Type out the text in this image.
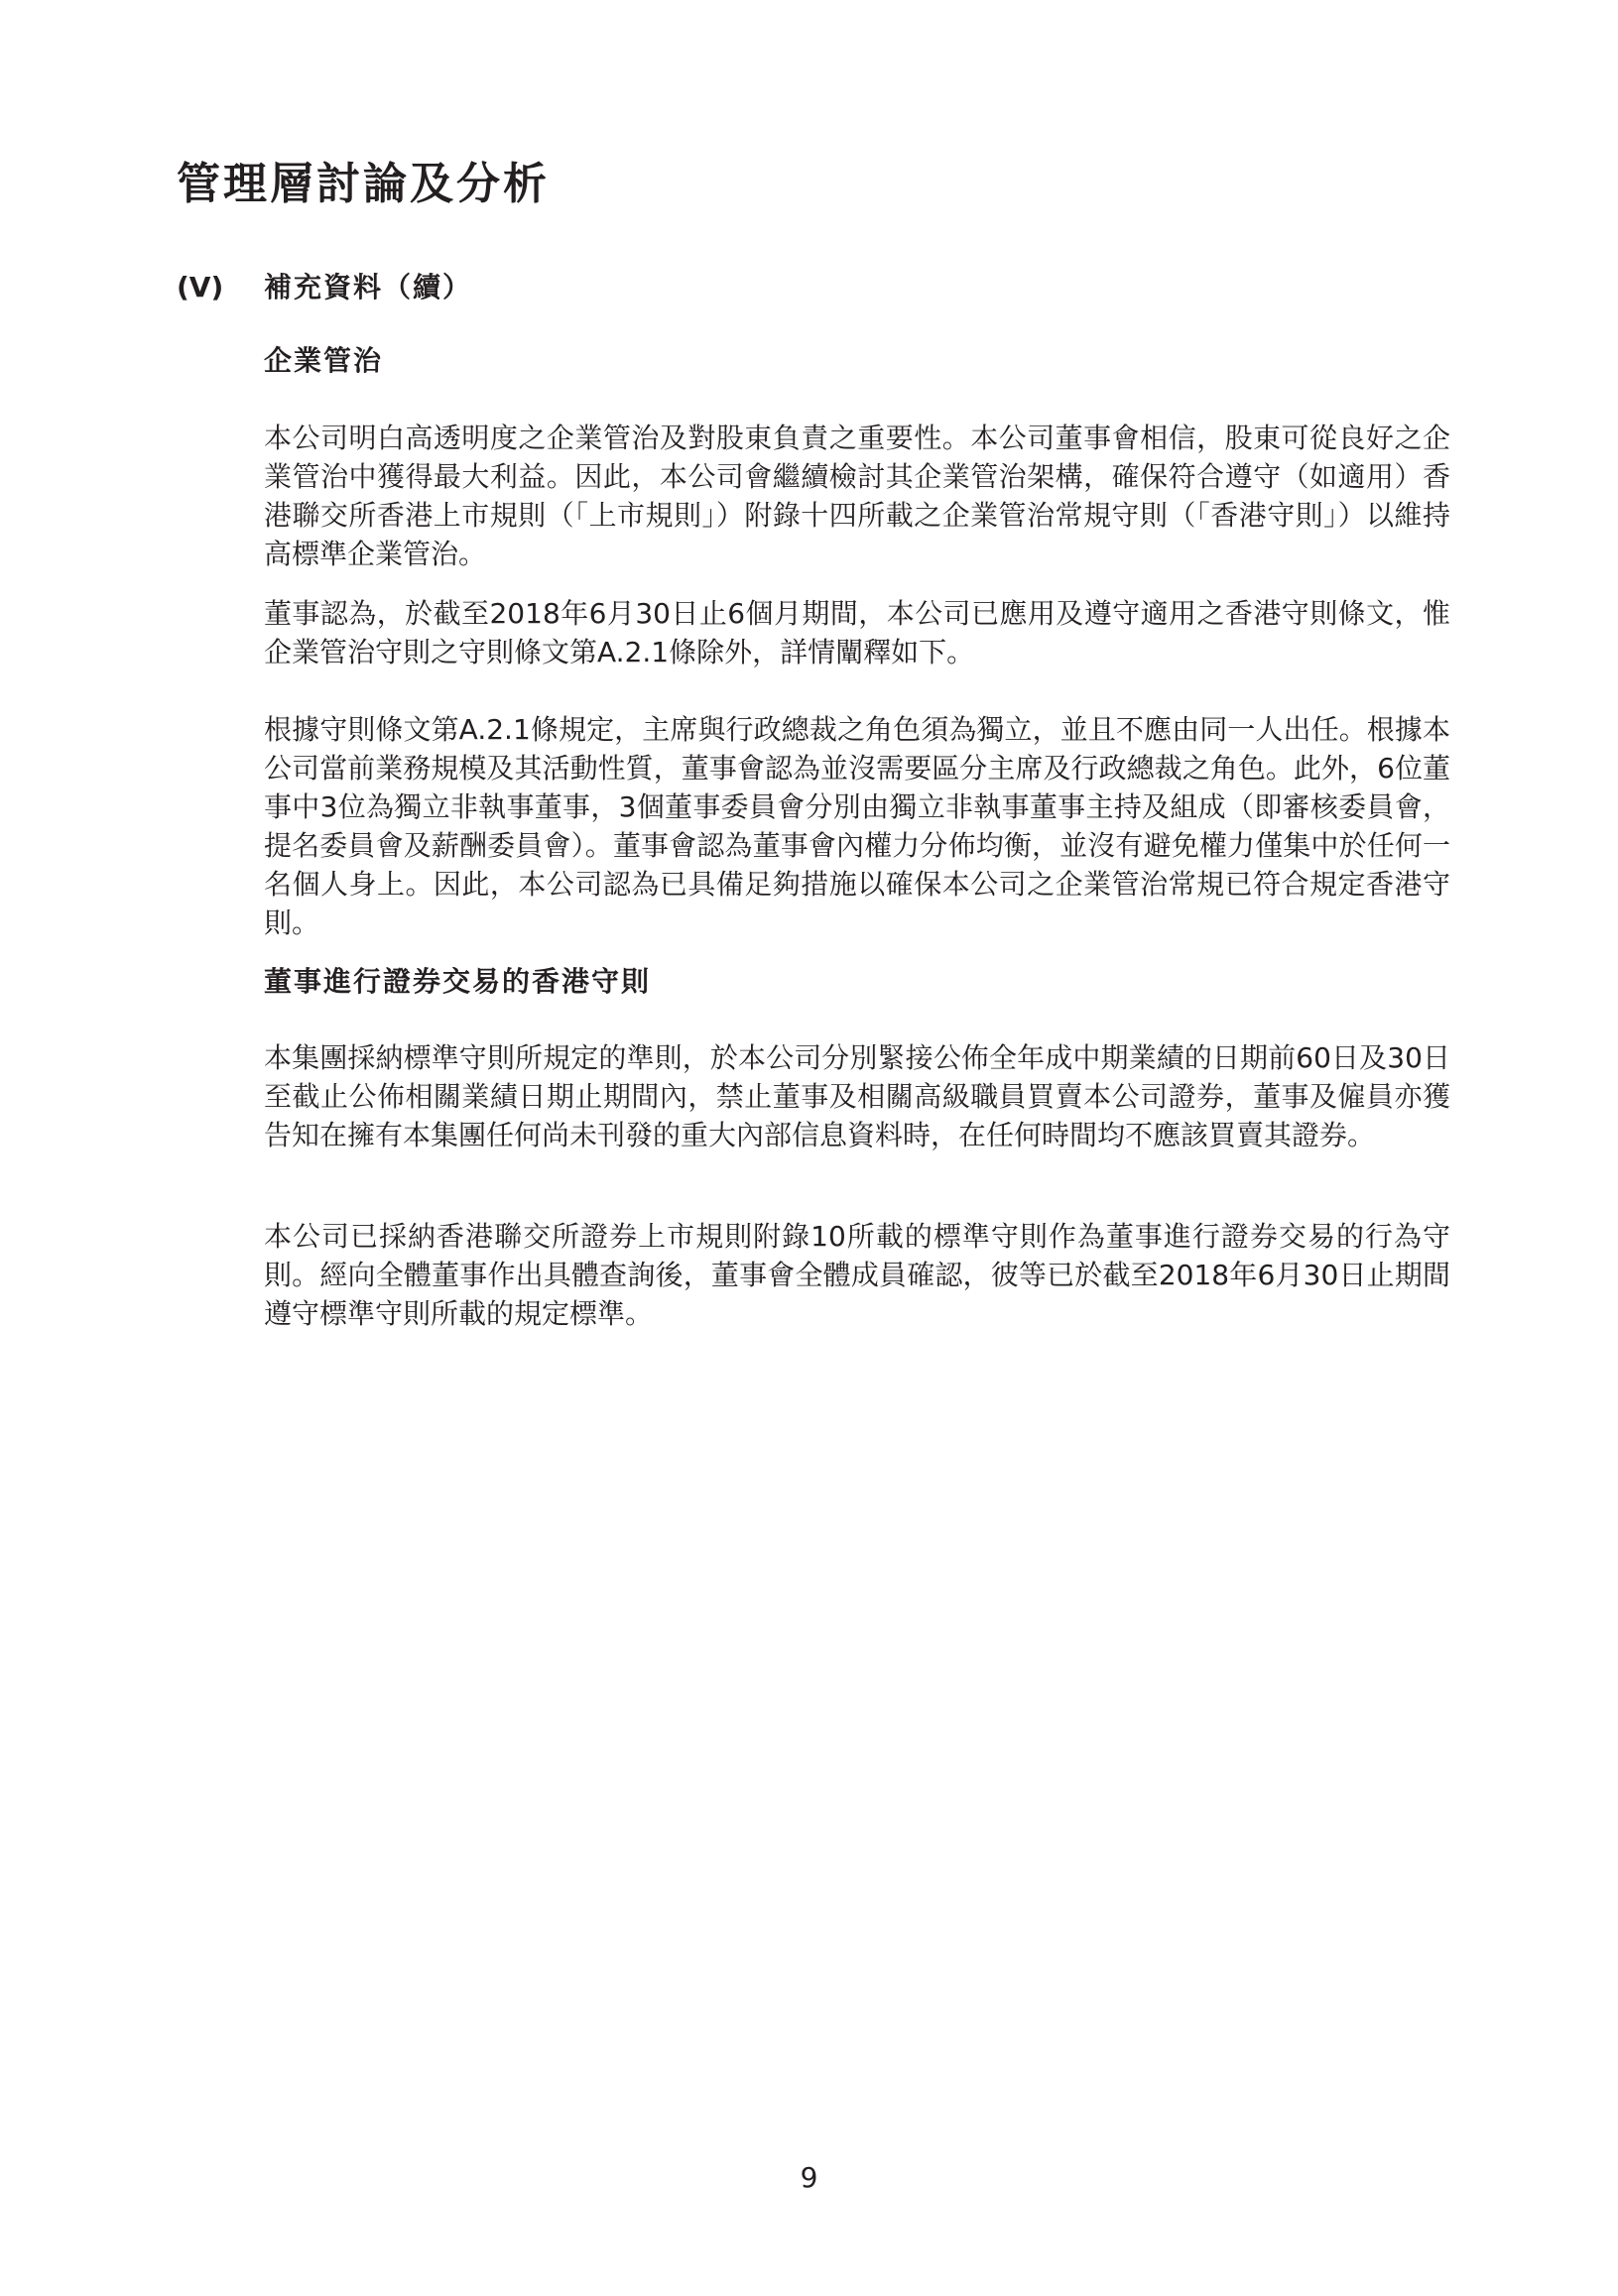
管理層討論及分析
(V)	補充資料（續）
企業管治

本公司明白高透明度之企業管治及對股東負責之重要性。本公司董事會相信，股東可從良好之企業管治中獲得最大利益。因此，本公司會繼續檢討其企業管治架構，確保符合遵守（如適用）香港聯交所香港上市規則（「上市規則」）附錄十四所載之企業管治常規守則（「香港守則」）以維持高標準企業管治。

董事認為，於截至2018年6月30日止6個月期間，本公司已應用及遵守適用之香港守則條文，惟企業管治守則之守則條文第A.2.1條除外，詳情闡釋如下。

根據守則條文第A.2.1條規定，主席與行政總裁之角色須為獨立，並且不應由同一人出任。根據本公司當前業務規模及其活動性質，董事會認為並沒需要區分主席及行政總裁之角色。此外，6位董事中3位為獨立非執事董事，3個董事委員會分別由獨立非執事董事主持及組成（即審核委員會，提名委員會及薪酬委員會）。董事會認為董事會內權力分佈均衡，並沒有避免權力僅集中於任何一名個人身上。因此，本公司認為已具備足夠措施以確保本公司之企業管治常規已符合規定香港守則。

董事進行證券交易的香港守則

本集團採納標準守則所規定的準則，於本公司分別緊接公佈全年成中期業績的日期前60日及30日至截止公佈相關業績日期止期間內，禁止董事及相關高級職員買賣本公司證券，董事及僱員亦獲告知在擁有本集團任何尚未刊發的重大內部信息資料時，在任何時間均不應該買賣其證券。

本公司已採納香港聯交所證券上市規則附錄10所載的標準守則作為董事進行證券交易的行為守則。經向全體董事作出具體查詢後，董事會全體成員確認，彼等已於截至2018年6月30日止期間遵守標準守則所載的規定標準。

9
